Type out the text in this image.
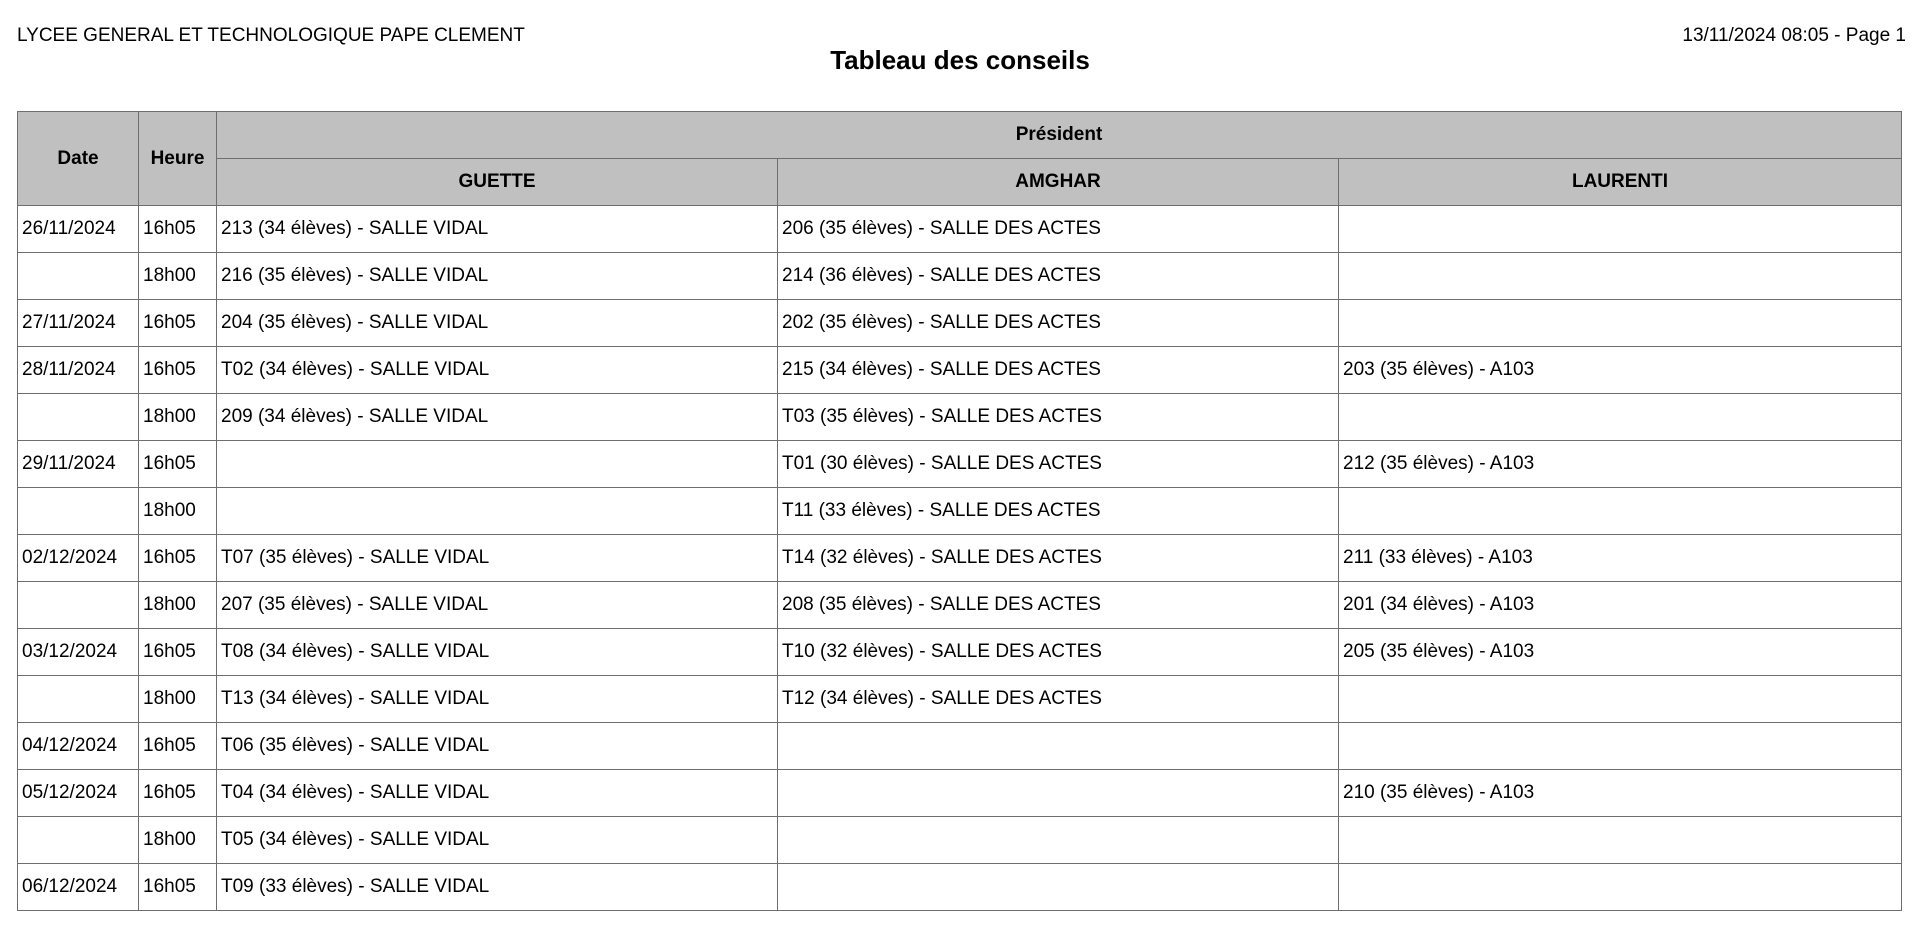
LYCEE GENERAL ET TECHNOLOGIQUE PAPE CLEMENT
Tableau des conseils
13/11/2024 08:05 - Page 1
Date	Heure	Président		
		GUETTE	AMGHAR	LAURENTI
26/11/2024	16h05	213 (34 élèves) - SALLE VIDAL	206 (35 élèves) - SALLE DES ACTES	
	18h00	216 (35 élèves) - SALLE VIDAL	214 (36 élèves) - SALLE DES ACTES	
27/11/2024	16h05	204 (35 élèves) - SALLE VIDAL	202 (35 élèves) - SALLE DES ACTES	
28/11/2024	16h05	T02 (34 élèves) - SALLE VIDAL	215 (34 élèves) - SALLE DES ACTES	203 (35 élèves) - A103
	18h00	209 (34 élèves) - SALLE VIDAL	T03 (35 élèves) - SALLE DES ACTES	
29/11/2024	16h05		T01 (30 élèves) - SALLE DES ACTES	212 (35 élèves) - A103
	18h00		T11 (33 élèves) - SALLE DES ACTES	
02/12/2024	16h05	T07 (35 élèves) - SALLE VIDAL	T14 (32 élèves) - SALLE DES ACTES	211 (33 élèves) - A103
	18h00	207 (35 élèves) - SALLE VIDAL	208 (35 élèves) - SALLE DES ACTES	201 (34 élèves) - A103
03/12/2024	16h05	T08 (34 élèves) - SALLE VIDAL	T10 (32 élèves) - SALLE DES ACTES	205 (35 élèves) - A103
	18h00	T13 (34 élèves) - SALLE VIDAL	T12 (34 élèves) - SALLE DES ACTES	
04/12/2024	16h05	T06 (35 élèves) - SALLE VIDAL		
05/12/2024	16h05	T04 (34 élèves) - SALLE VIDAL		210 (35 élèves) - A103
	18h00	T05 (34 élèves) - SALLE VIDAL		
06/12/2024	16h05	T09 (33 élèves) - SALLE VIDAL		
